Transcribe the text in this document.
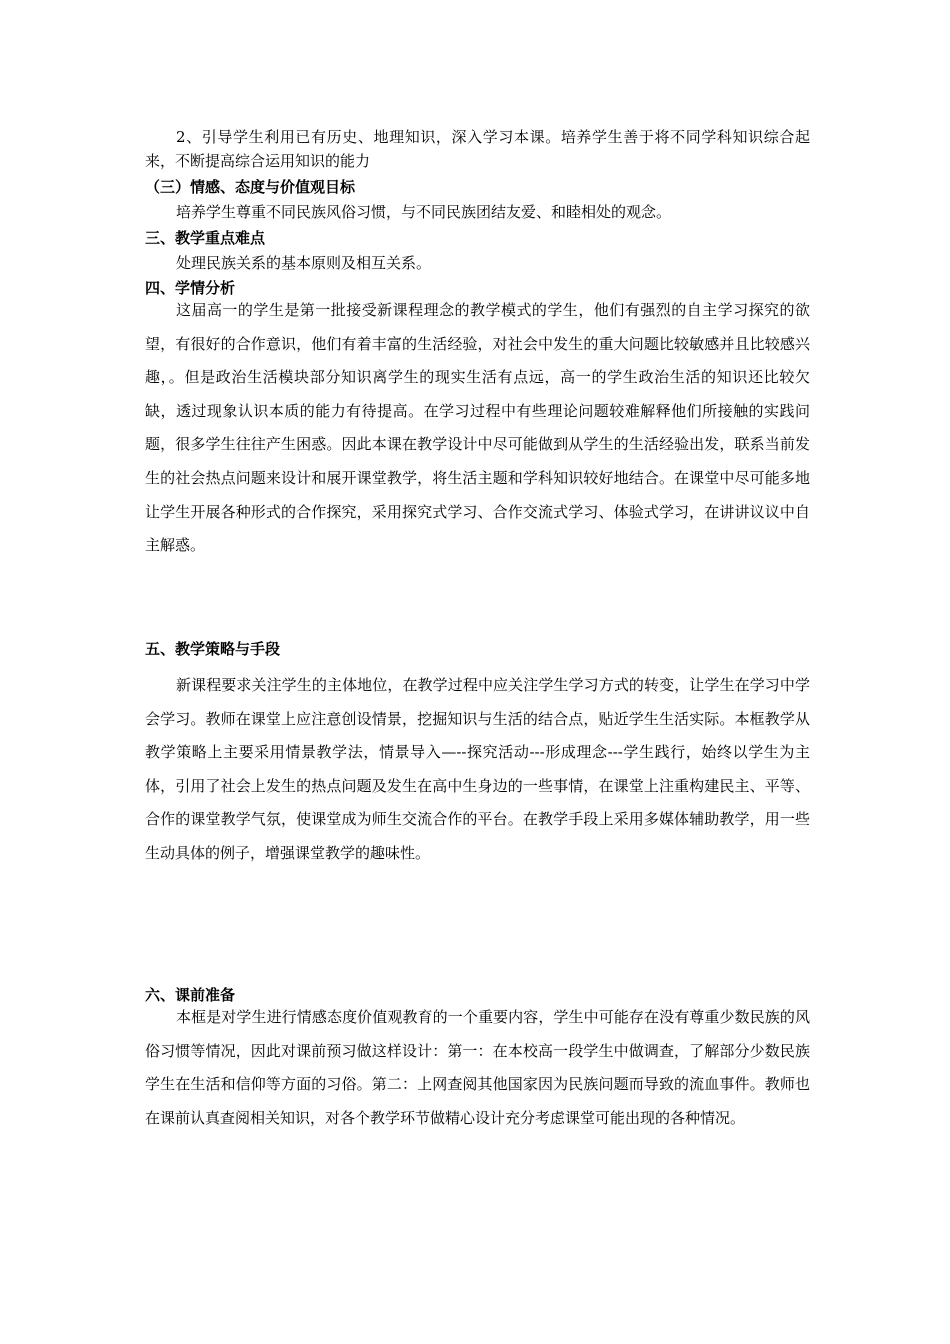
2、引导学生利用已有历史、地理知识，深入学习本课。培养学生善于将不同学科知识综合起来，不断提高综合运用知识的能力

（三）情感、态度与价值观目标

培养学生尊重不同民族风俗习惯，与不同民族团结友爱、和睦相处的观念。

三、教学重点难点

处理民族关系的基本原则及相互关系。

四、学情分析

这届高一的学生是第一批接受新课程理念的教学模式的学生，他们有强烈的自主学习探究的欲望，有很好的合作意识，他们有着丰富的生活经验，对社会中发生的重大问题比较敏感并且比较感兴趣，。但是政治生活模块部分知识离学生的现实生活有点远，高一的学生政治生活的知识还比较欠缺，透过现象认识本质的能力有待提高。在学习过程中有些理论问题较难解释他们所接触的实践问题，很多学生往往产生困惑。因此本课在教学设计中尽可能做到从学生的生活经验出发，联系当前发生的社会热点问题来设计和展开课堂教学，将生活主题和学科知识较好地结合。在课堂中尽可能多地让学生开展各种形式的合作探究，采用探究式学习、合作交流式学习、体验式学习，在讲讲议议中自主解惑。

五、教学策略与手段

新课程要求关注学生的主体地位，在教学过程中应关注学生学习方式的转变，让学生在学习中学会学习。教师在课堂上应注意创设情景，挖掘知识与生活的结合点，贴近学生生活实际。本框教学从教学策略上主要采用情景教学法，情景导入—--探究活动---形成理念---学生践行，始终以学生为主体，引用了社会上发生的热点问题及发生在高中生身边的一些事情，在课堂上注重构建民主、平等、合作的课堂教学气氛，使课堂成为师生交流合作的平台。在教学手段上采用多媒体辅助教学，用一些生动具体的例子，增强课堂教学的趣味性。

六、课前准备

本框是对学生进行情感态度价值观教育的一个重要内容，学生中可能存在没有尊重少数民族的风俗习惯等情况，因此对课前预习做这样设计：第一：在本校高一段学生中做调查，了解部分少数民族学生在生活和信仰等方面的习俗。第二：上网查阅其他国家因为民族问题而导致的流血事件。教师也在课前认真查阅相关知识，对各个教学环节做精心设计充分考虑课堂可能出现的各种情况。
